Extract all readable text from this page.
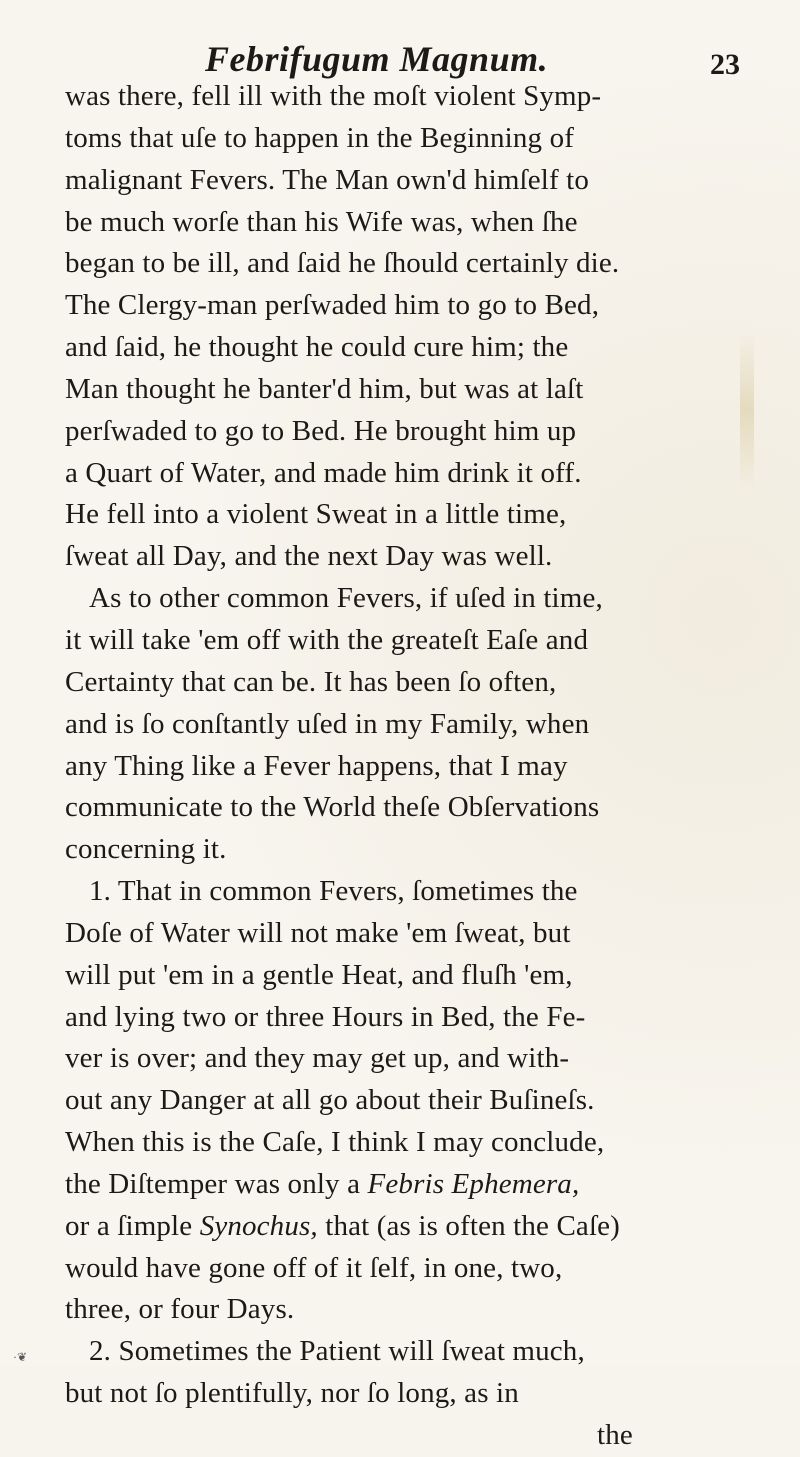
Febrifugum Magnum.	23
was there, fell ill with the moſt violent Symp-
toms that uſe to happen in the Beginning of
malignant Fevers. The Man own'd himſelf to
be much worſe than his Wife was, when ſhe
began to be ill, and ſaid he ſhould certainly die.
The Clergy-man perſwaded him to go to Bed,
and ſaid, he thought he could cure him; the
Man thought he banter'd him, but was at laſt
perſwaded to go to Bed. He brought him up
a Quart of Water, and made him drink it off.
He fell into a violent Sweat in a little time,
ſweat all Day, and the next Day was well.
As to other common Fevers, if uſed in time,
it will take 'em off with the greateſt Eaſe and
Certainty that can be. It has been ſo often,
and is ſo conſtantly uſed in my Family, when
any Thing like a Fever happens, that I may
communicate to the World theſe Obſervations
concerning it.
1. That in common Fevers, ſometimes the
Doſe of Water will not make 'em ſweat, but
will put 'em in a gentle Heat, and fluſh 'em,
and lying two or three Hours in Bed, the Fe-
ver is over; and they may get up, and with-
out any Danger at all go about their Buſineſs.
When this is the Caſe, I think I may conclude,
the Diſtemper was only a Febris Ephemera,
or a ſimple Synochus, that (as is often the Caſe)
would have gone off of it ſelf, in one, two,
three, or four Days.
2. Sometimes the Patient will ſweat much,
but not ſo plentifully, nor ſo long, as in
the
·❦
